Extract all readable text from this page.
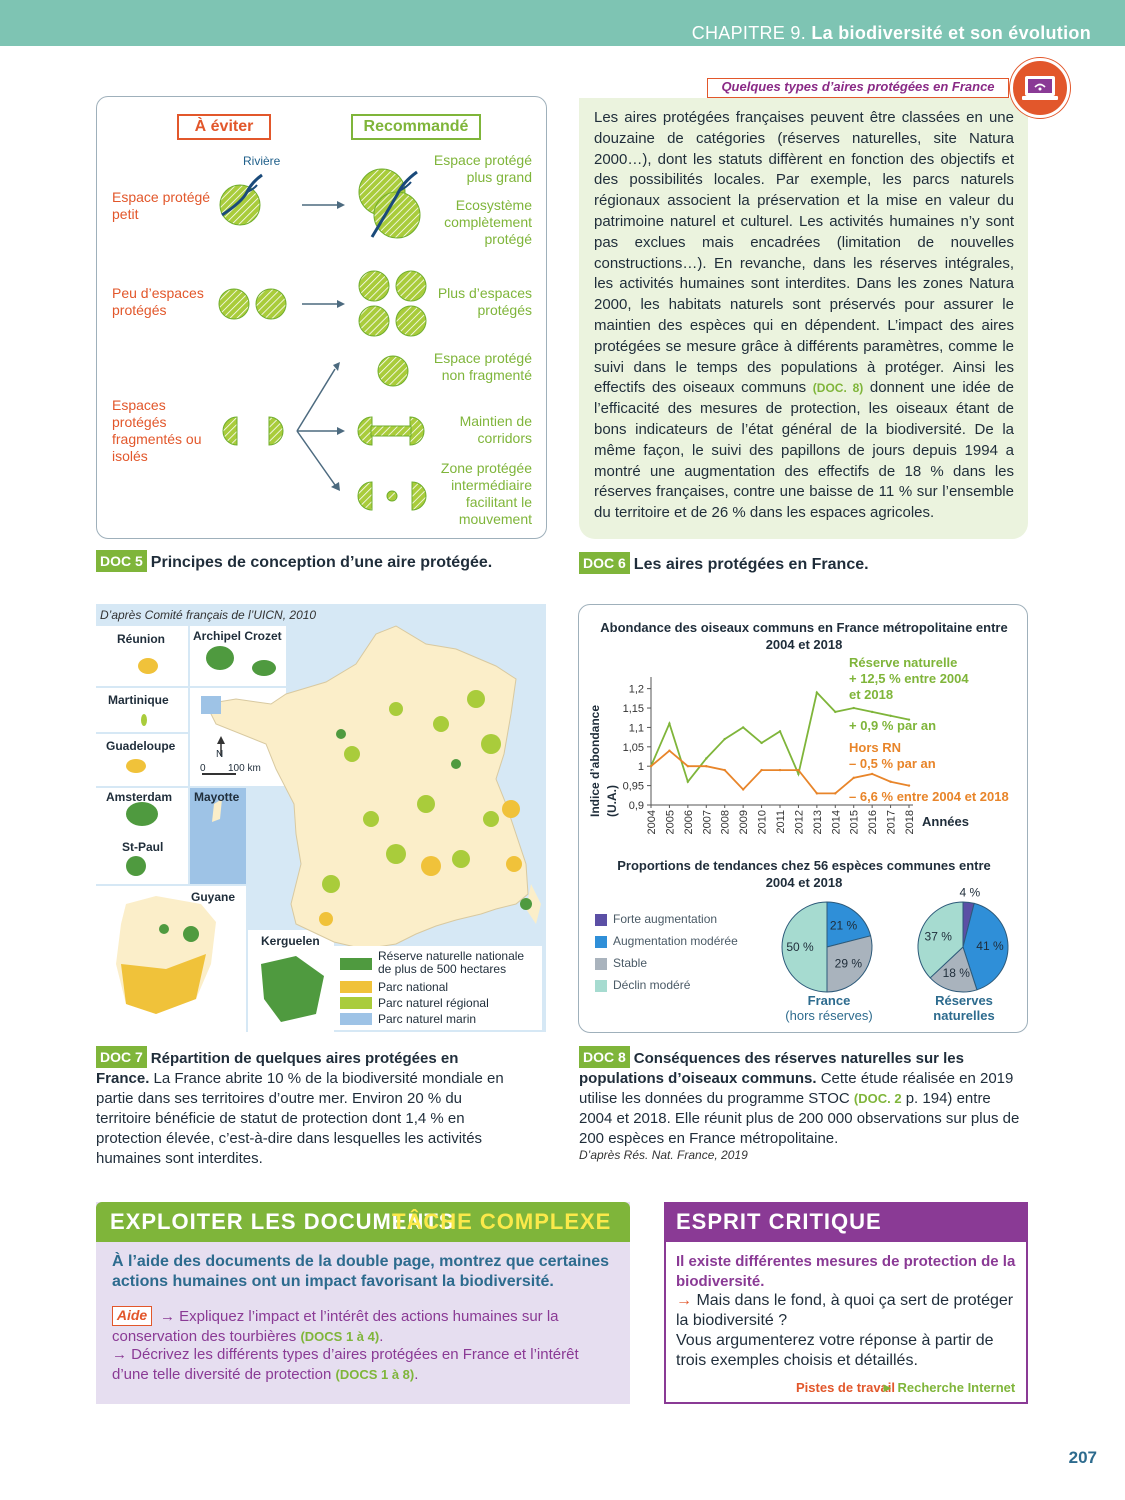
CHAPITRE 9. La biodiversité et son évolution
À éviter	Recommandé
Rivière
Espace protégé petit
Peu d’espaces protégés
Espaces protégés fragmentés ou isolés
Espace protégé plus grand
Ecosystème complètement protégé
Plus d’espaces protégés
Espace protégé non fragmenté
Maintien de corridors
Zone protégée intermédiaire facilitant le mouvement
DOC 5 Principes de conception d’une aire protégée.
Quelques types d’aires protégées en France
Les aires protégées françaises peuvent être classées en une douzaine de catégories (réserves naturelles, site Natura 2000…), dont les statuts diffèrent en fonction des objectifs et des possibilités locales. Par exemple, les parcs naturels régionaux associent la préservation et la mise en valeur du patrimoine naturel et culturel. Les activités humaines n’y sont pas exclues mais encadrées (limitation de nouvelles constructions…). En revanche, dans les réserves intégrales, les activités humaines sont interdites. Dans les zones Natura 2000, les habitats naturels sont préservés pour assurer le maintien des espèces qui en dépendent. L’impact des aires protégées se mesure grâce à différents paramètres, comme le suivi dans le temps des populations à protéger. Ainsi les effectifs des oiseaux communs (DOC. 8) donnent une idée de l’efficacité des mesures de protection, les oiseaux étant de bons indicateurs de l’état général de la biodiversité. De la même façon, le suivi des papillons de jours depuis 1994 a montré une augmentation des effectifs de 18 % dans les réserves françaises, contre une baisse de 11 % sur l’ensemble du territoire et de 26 % dans les espaces agricoles.
DOC 6 Les aires protégées en France.
D’après Comité français de l’UICN, 2010
Réunion Archipel Crozet
Martinique
Guadeloupe
Amsterdam Mayotte
St-Paul
Guyane
Kerguelen
N
0 100 km
Réserve naturelle nationale de plus de 500 hectares
Parc national
Parc naturel régional
Parc naturel marin
DOC 7 Répartition de quelques aires protégées en France. La France abrite 10 % de la biodiversité mondiale en partie dans ses territoires d’outre mer. Environ 20 % du territoire bénéficie de statut de protection dont 1,4 % en protection élevée, c’est-à-dire dans lesquelles les activités humaines sont interdites.
Abondance des oiseaux communs en France métropolitaine entre 2004 et 2018
0,9
0,95
1
1,05
1,1
1,15
1,2
2004 2005 2006 2007 2008 2009 2010 2011 2012 2013 2014 2015 2016 2017 2018
Réserve naturelle
+ 12,5 % entre 2004
et 2018
+ 0,9 % par an
Hors RN
– 0,5 % par an
– 6,6 % entre 2004 et 2018
Années
Indice d’abondance (U.A.)
Proportions de tendances chez 56 espèces communes entre 2004 et 2018
Forte augmentation
Augmentation modérée
Stable
Déclin modéré
21 %
29 %
50 %
4 %
41 %
18 %
37 %
France
(hors réserves)
Réserves
naturelles
DOC 8 Conséquences des réserves naturelles sur les populations d’oiseaux communs. Cette étude réalisée en 2019 utilise les données du programme STOC (DOC. 2 p. 194) entre 2004 et 2018. Elle réunit plus de 200 000 observations sur plus de 200 espèces en France métropolitaine.
D’après Rés. Nat. France, 2019
EXPLOITER LES DOCUMENTS
TÂCHE COMPLEXE
À l’aide des documents de la double page, montrez que certaines actions humaines ont un impact favorisant la biodiversité.
Aide → Expliquez l’impact et l’intérêt des actions humaines sur la conservation des tourbières (DOCS 1 à 4).
→ Décrivez les différents types d’aires protégées en France et l’intérêt d’une telle diversité de protection (DOCS 1 à 8).
ESPRIT CRITIQUE
Il existe différentes mesures de protection de la biodiversité.
→ Mais dans le fond, à quoi ça sert de protéger la biodiversité ?
Vous argumenterez votre réponse à partir de trois exemples choisis et détaillés.
Pistes de travail
► Recherche Internet
207
